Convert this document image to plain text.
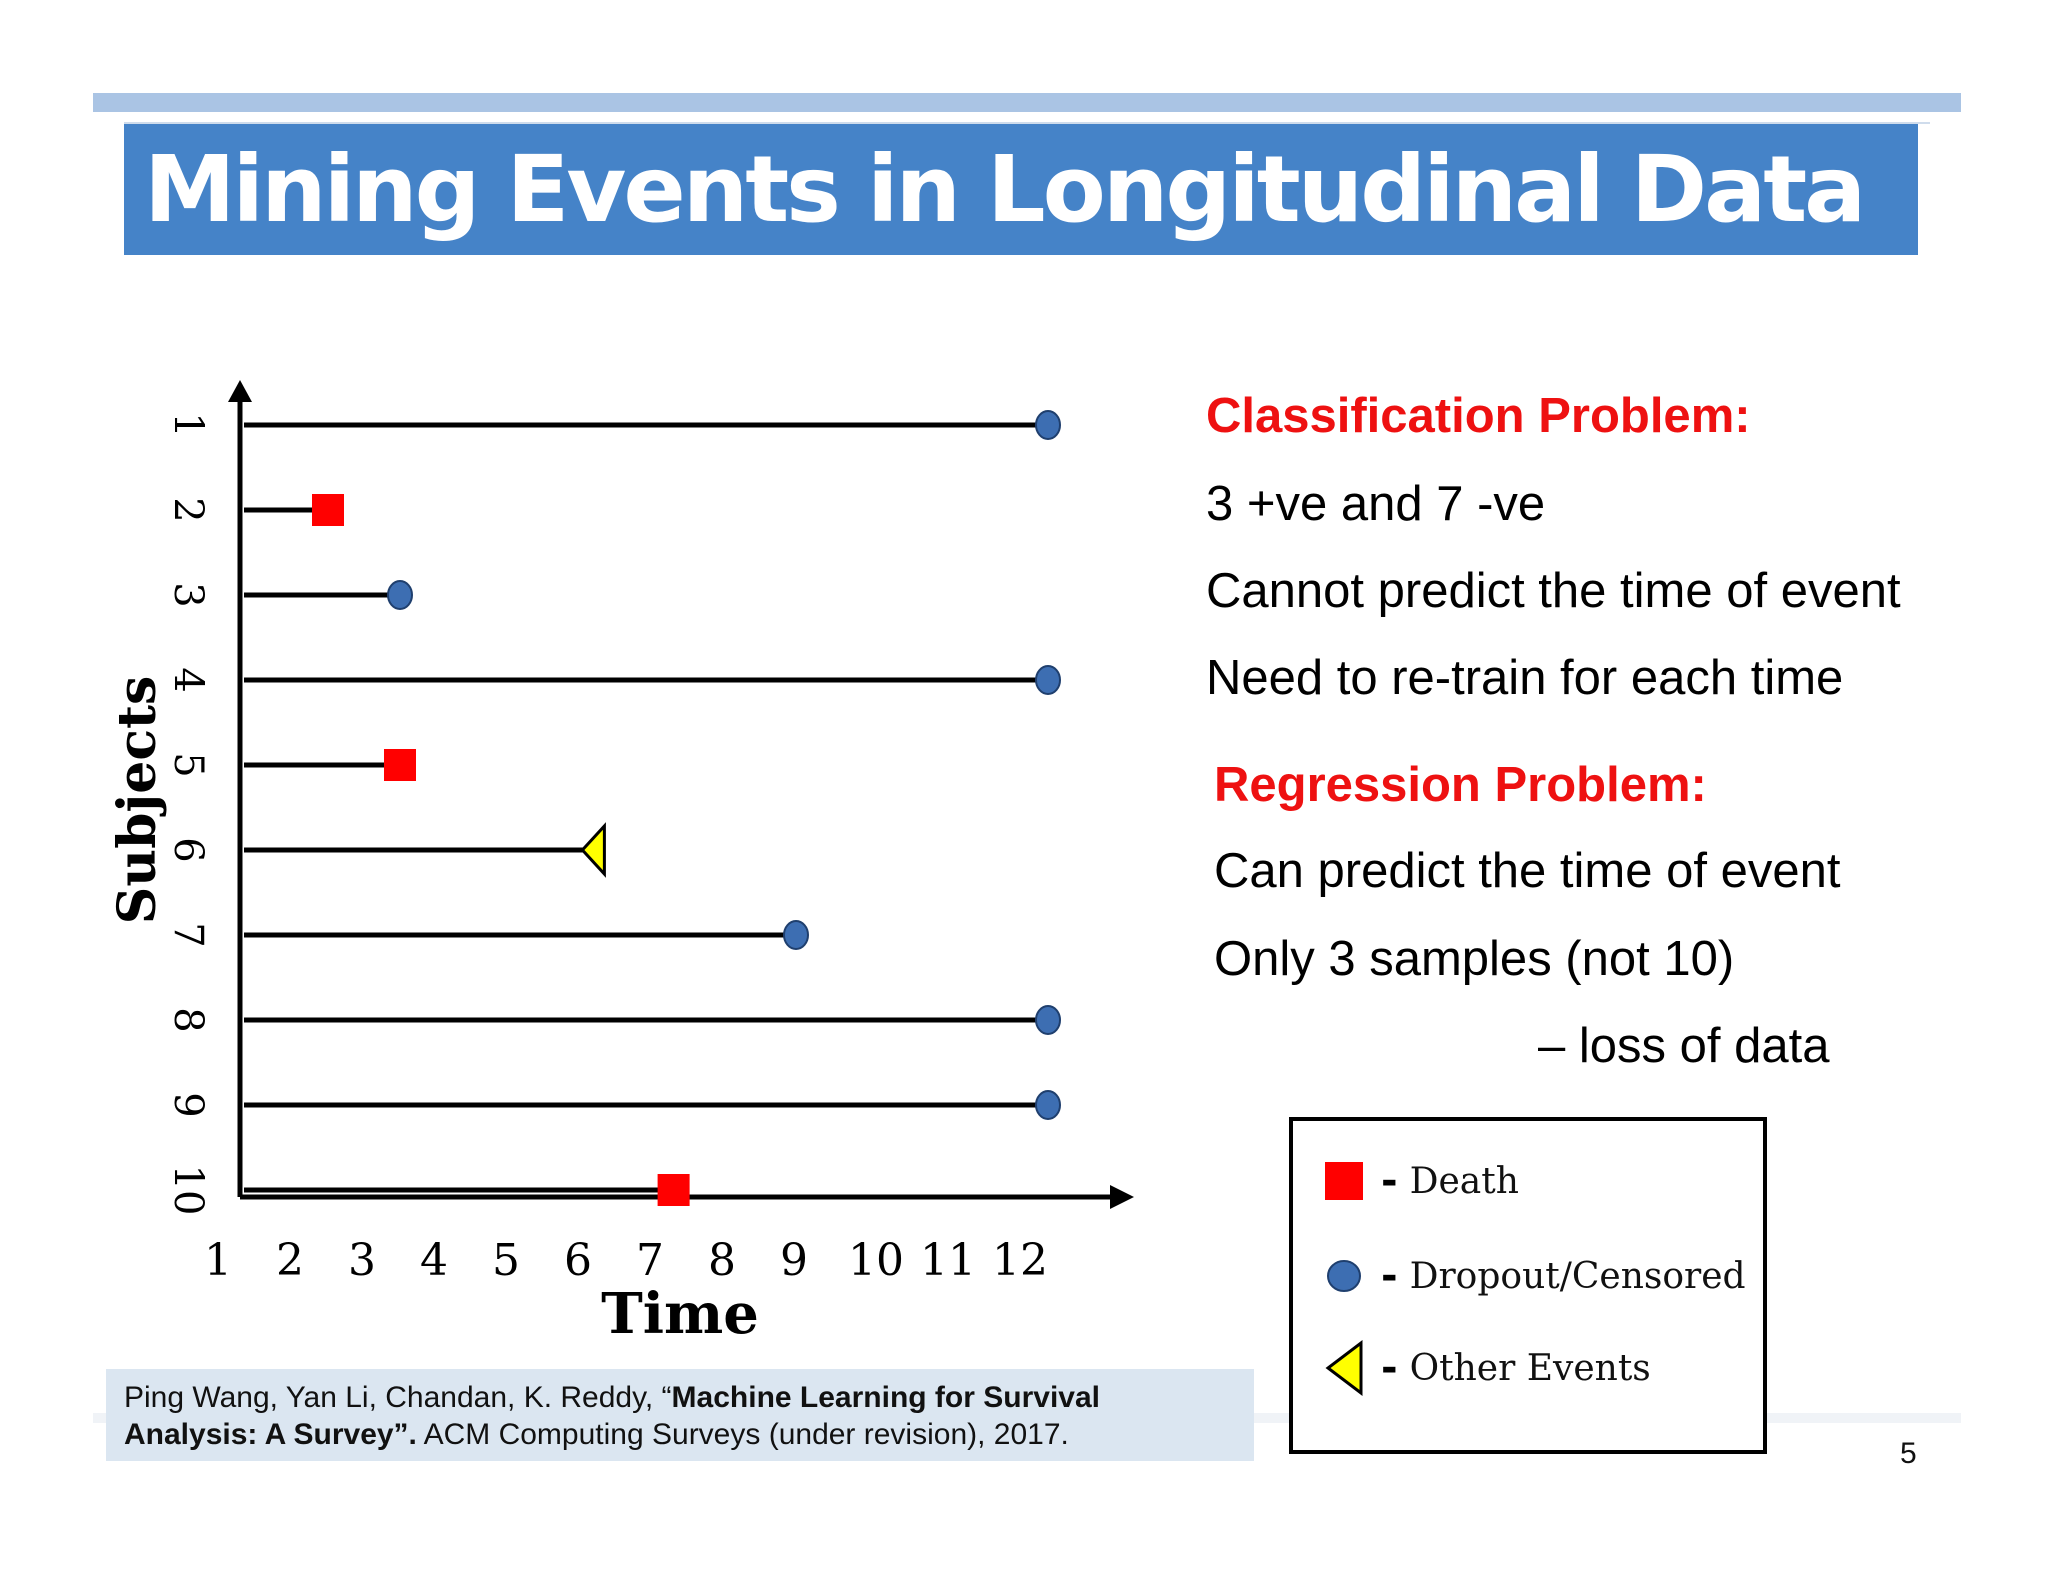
Mining Events in Longitudinal Data
Subjects
Time
1
2
3
4
5
6
7
8
9
10
1 2 3 4 5 6 7 8 9 10 11 12
Classification Problem:
3 +ve and 7 -ve
Cannot predict the time of event
Need to re-train for each time
Regression Problem:
Can predict the time of event
Only 3 samples (not 10)
– loss of data
Ping Wang, Yan Li, Chandan, K. Reddy, “Machine Learning for Survival Analysis: A Survey”. ACM Computing Surveys (under revision), 2017.
- Death
- Dropout/Censored
- Other Events
5
